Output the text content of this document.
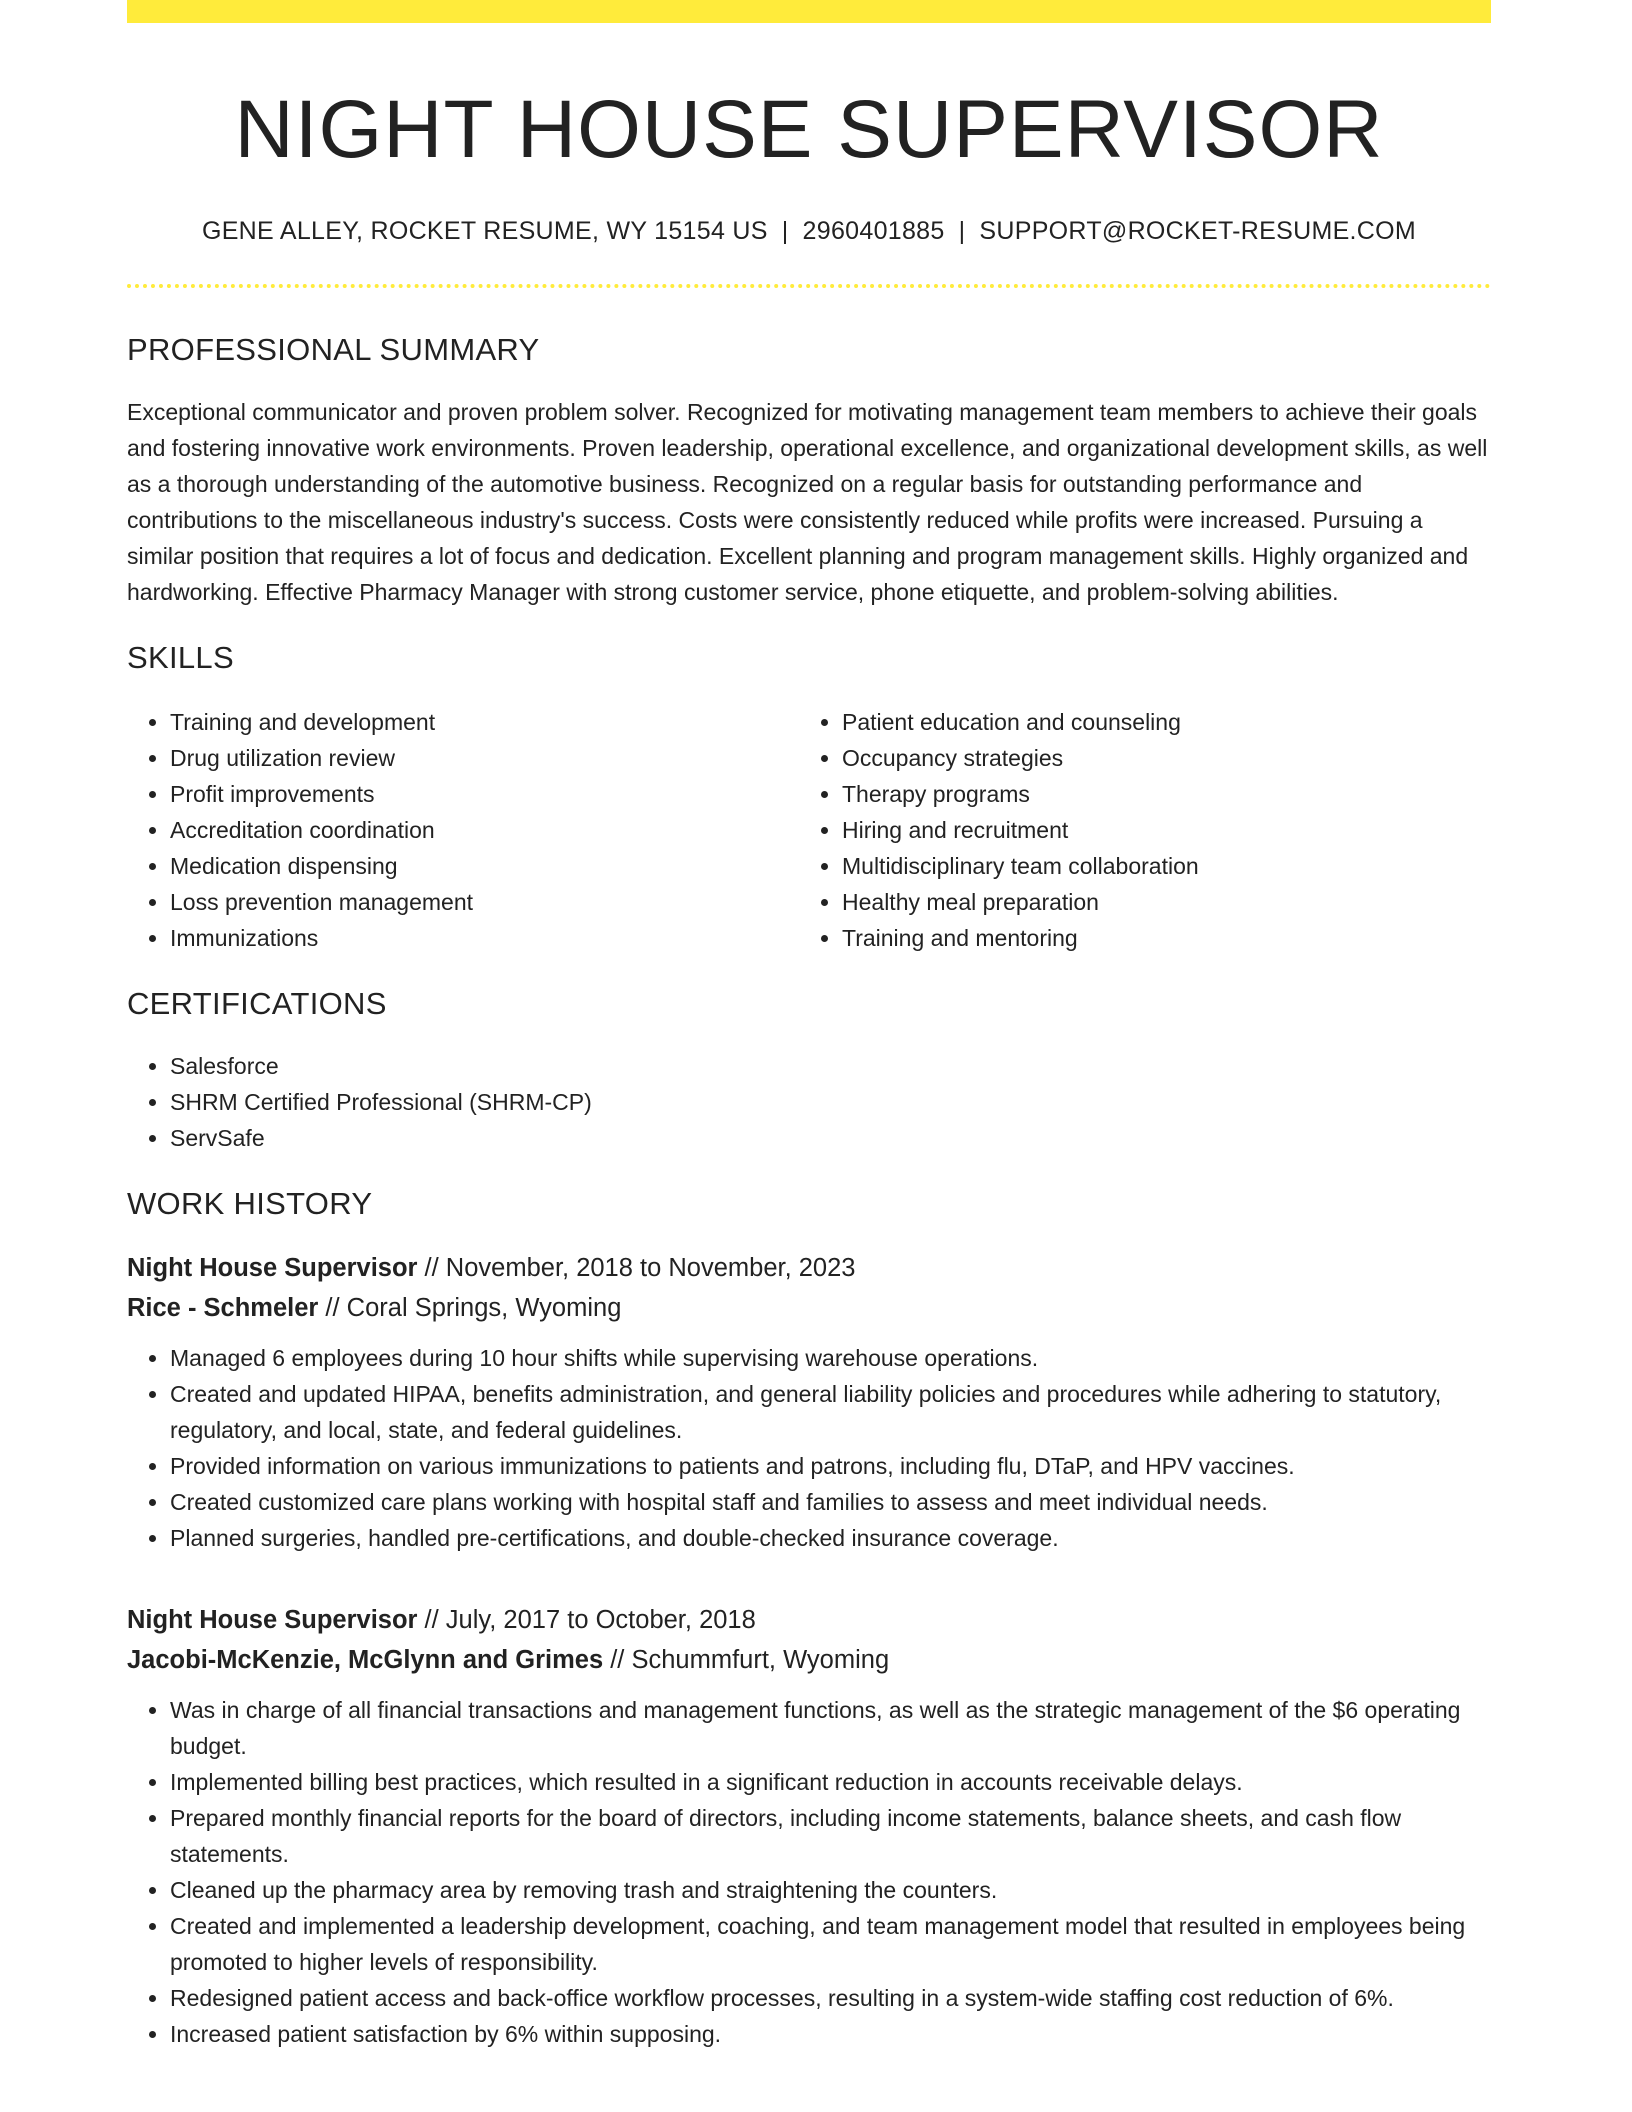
NIGHT HOUSE SUPERVISOR
GENE ALLEY, ROCKET RESUME, WY 15154 US | 2960401885 | SUPPORT@ROCKET-RESUME.COM
PROFESSIONAL SUMMARY

Exceptional communicator and proven problem solver. Recognized for motivating management team members to achieve their goals and fostering innovative work environments. Proven leadership, operational excellence, and organizational development skills, as well as a thorough understanding of the automotive business. Recognized on a regular basis for outstanding performance and contributions to the miscellaneous industry's success. Costs were consistently reduced while profits were increased. Pursuing a similar position that requires a lot of focus and dedication. Excellent planning and program management skills. Highly organized and hardworking. Effective Pharmacy Manager with strong customer service, phone etiquette, and problem-solving abilities.

SKILLS
• Training and development
• Drug utilization review
• Profit improvements
• Accreditation coordination
• Medication dispensing
• Loss prevention management
• Immunizations
• Patient education and counseling
• Occupancy strategies
• Therapy programs
• Hiring and recruitment
• Multidisciplinary team collaboration
• Healthy meal preparation
• Training and mentoring
CERTIFICATIONS
• Salesforce
• SHRM Certified Professional (SHRM-CP)
• ServSafe
WORK HISTORY
Night House Supervisor // November, 2018 to November, 2023
Rice - Schmeler // Coral Springs, Wyoming
• Managed 6 employees during 10 hour shifts while supervising warehouse operations.
• Created and updated HIPAA, benefits administration, and general liability policies and procedures while adhering to statutory, regulatory, and local, state, and federal guidelines.
• Provided information on various immunizations to patients and patrons, including flu, DTaP, and HPV vaccines.
• Created customized care plans working with hospital staff and families to assess and meet individual needs.
• Planned surgeries, handled pre-certifications, and double-checked insurance coverage.
Night House Supervisor // July, 2017 to October, 2018
Jacobi-McKenzie, McGlynn and Grimes // Schummfurt, Wyoming
• Was in charge of all financial transactions and management functions, as well as the strategic management of the $6 operating budget.
• Implemented billing best practices, which resulted in a significant reduction in accounts receivable delays.
• Prepared monthly financial reports for the board of directors, including income statements, balance sheets, and cash flow statements.
• Cleaned up the pharmacy area by removing trash and straightening the counters.
• Created and implemented a leadership development, coaching, and team management model that resulted in employees being promoted to higher levels of responsibility.
• Redesigned patient access and back-office workflow processes, resulting in a system-wide staffing cost reduction of 6%.
• Increased patient satisfaction by 6% within supposing.
